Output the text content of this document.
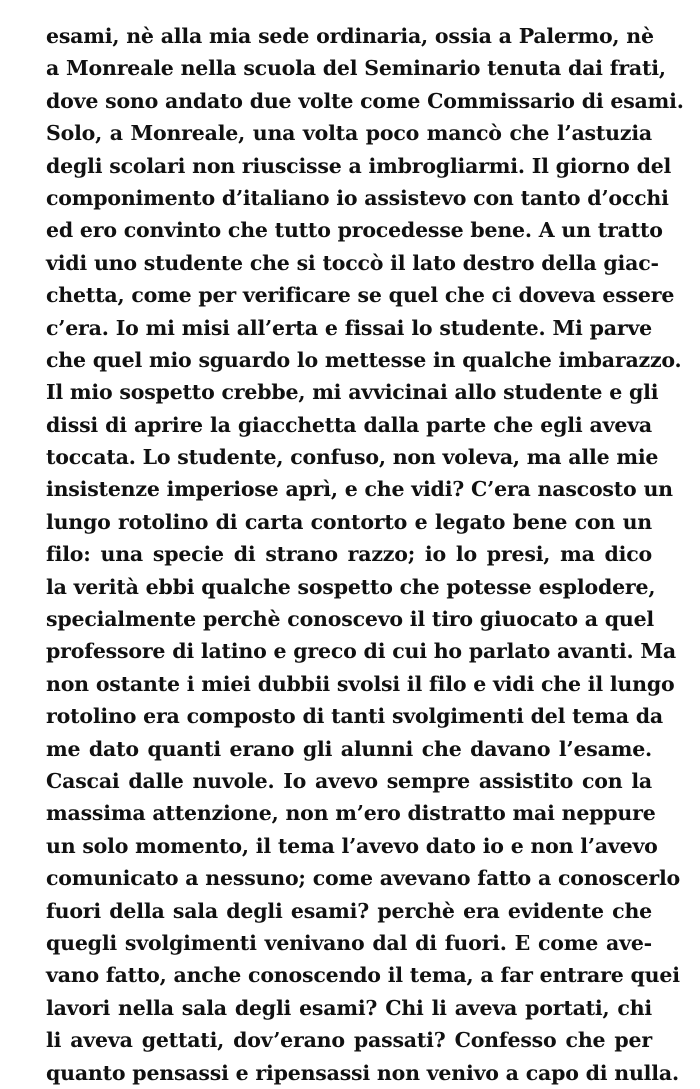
esami, nè alla mia sede ordinaria, ossia a Palermo, nè
a Monreale nella scuola del Seminario tenuta dai frati,
dove sono andato due volte come Commissario di esami.
Solo, a Monreale, una volta poco mancò che l’astuzia
degli scolari non riuscisse a imbrogliarmi. Il giorno del
componimento d’italiano io assistevo con tanto d’occhi
ed ero convinto che tutto procedesse bene. A un tratto
vidi uno studente che si toccò il lato destro della giac-
chetta, come per verificare se quel che ci doveva essere
c’era. Io mi misi all’erta e fissai lo studente. Mi parve
che quel mio sguardo lo mettesse in qualche imbarazzo.
Il mio sospetto crebbe, mi avvicinai allo studente e gli
dissi di aprire la giacchetta dalla parte che egli aveva
toccata. Lo studente, confuso, non voleva, ma alle mie
insistenze imperiose aprì, e che vidi? C’era nascosto un
lungo rotolino di carta contorto e legato bene con un
filo: una specie di strano razzo; io lo presi, ma dico
la verità ebbi qualche sospetto che potesse esplodere,
specialmente perchè conoscevo il tiro giuocato a quel
professore di latino e greco di cui ho parlato avanti. Ma
non ostante i miei dubbii svolsi il filo e vidi che il lungo
rotolino era composto di tanti svolgimenti del tema da
me dato quanti erano gli alunni che davano l’esame.
Cascai dalle nuvole. Io avevo sempre assistito con la
massima attenzione, non m’ero distratto mai neppure
un solo momento, il tema l’avevo dato io e non l’avevo
comunicato a nessuno; come avevano fatto a conoscerlo
fuori della sala degli esami? perchè era evidente che
quegli svolgimenti venivano dal di fuori. E come ave-
vano fatto, anche conoscendo il tema, a far entrare quei
lavori nella sala degli esami? Chi li aveva portati, chi
li aveva gettati, dov’erano passati? Confesso che per
quanto pensassi e ripensassi non venivo a capo di nulla.
